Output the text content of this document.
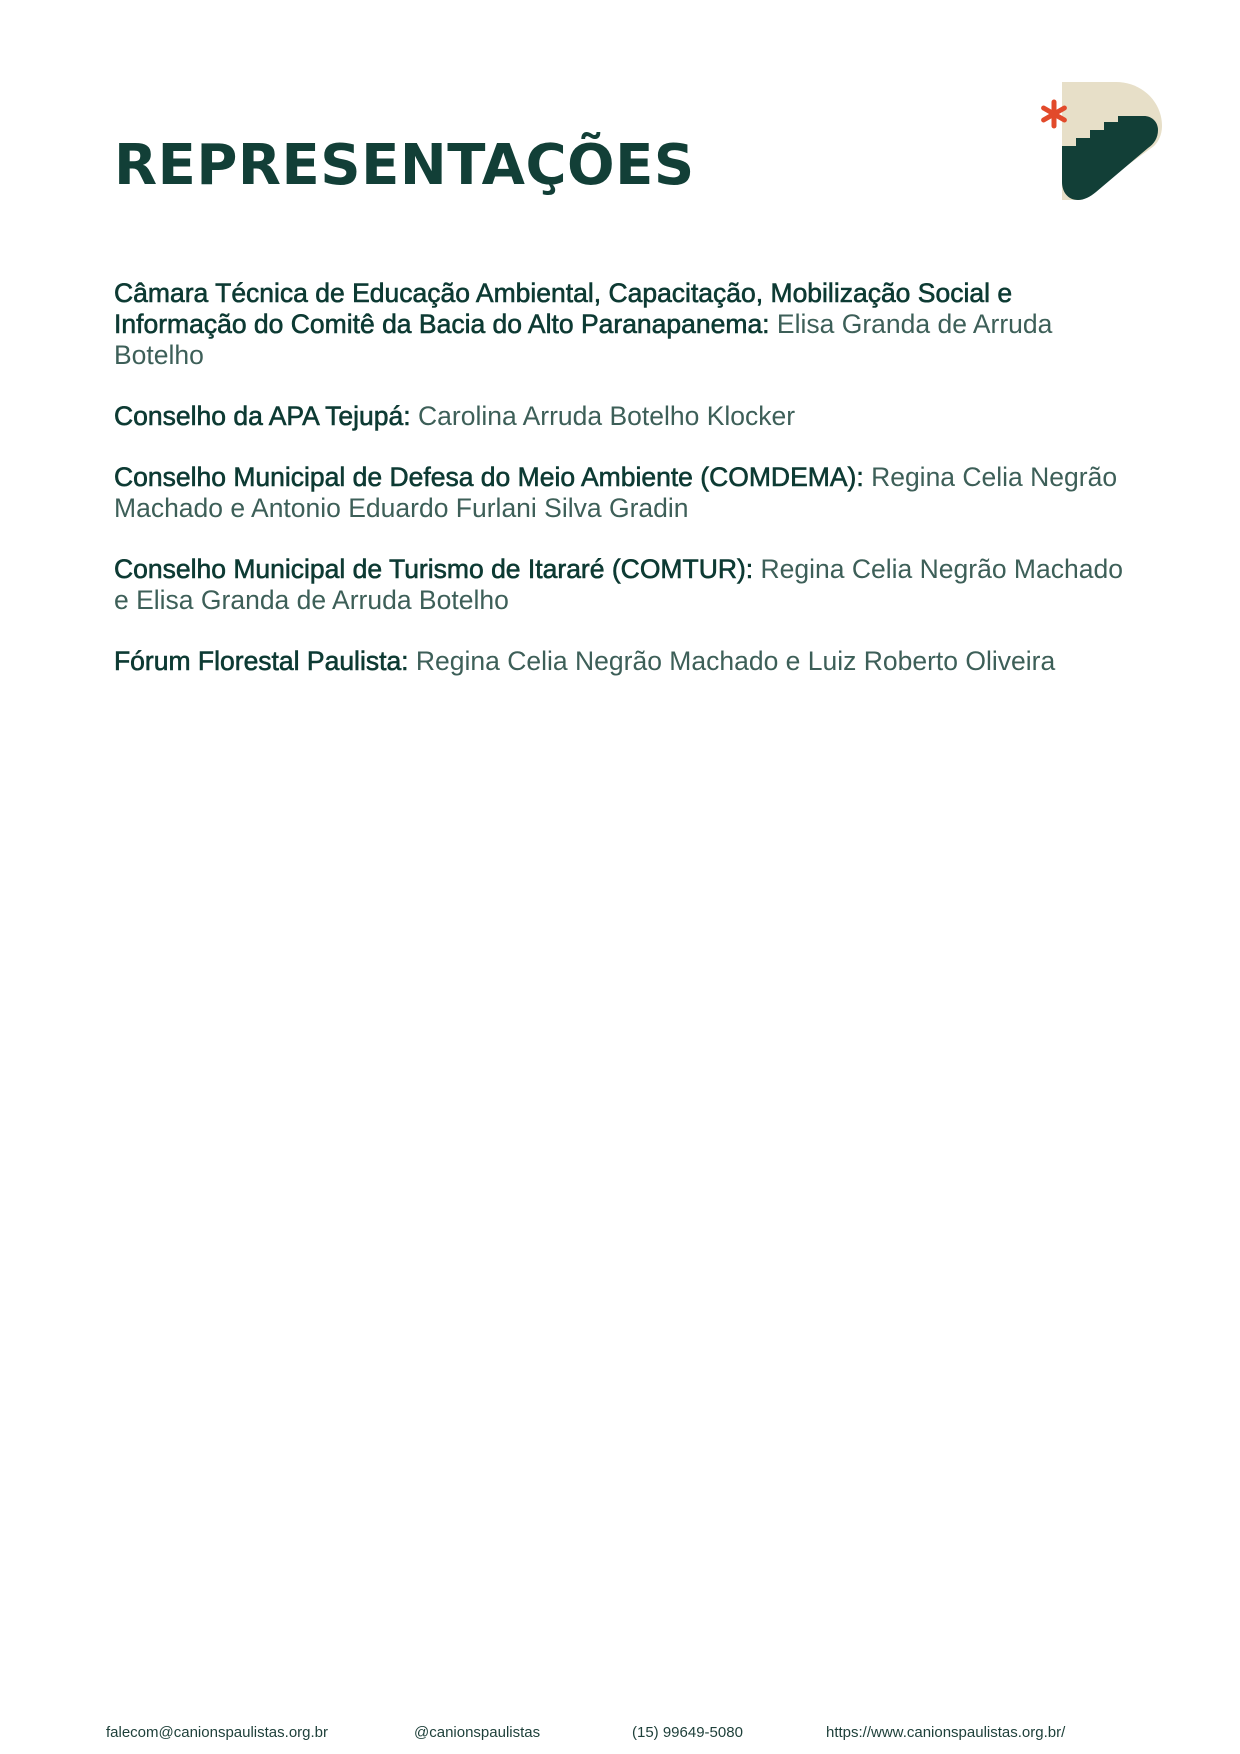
REPRESENTAÇÕES

Câmara Técnica de Educação Ambiental, Capacitação, Mobilização Social e Informação do Comitê da Bacia do Alto Paranapanema: Elisa Granda de Arruda Botelho

Conselho da APA Tejupá: Carolina Arruda Botelho Klocker

Conselho Municipal de Defesa do Meio Ambiente (COMDEMA): Regina Celia Negrão Machado e Antonio Eduardo Furlani Silva Gradin

Conselho Municipal de Turismo de Itararé (COMTUR): Regina Celia Negrão Machado e Elisa Granda de Arruda Botelho

Fórum Florestal Paulista: Regina Celia Negrão Machado e Luiz Roberto Oliveira

falecom@canionspaulistas.org.br	@canionspaulistas	(15) 99649-5080	https://www.canionspaulistas.org.br/
